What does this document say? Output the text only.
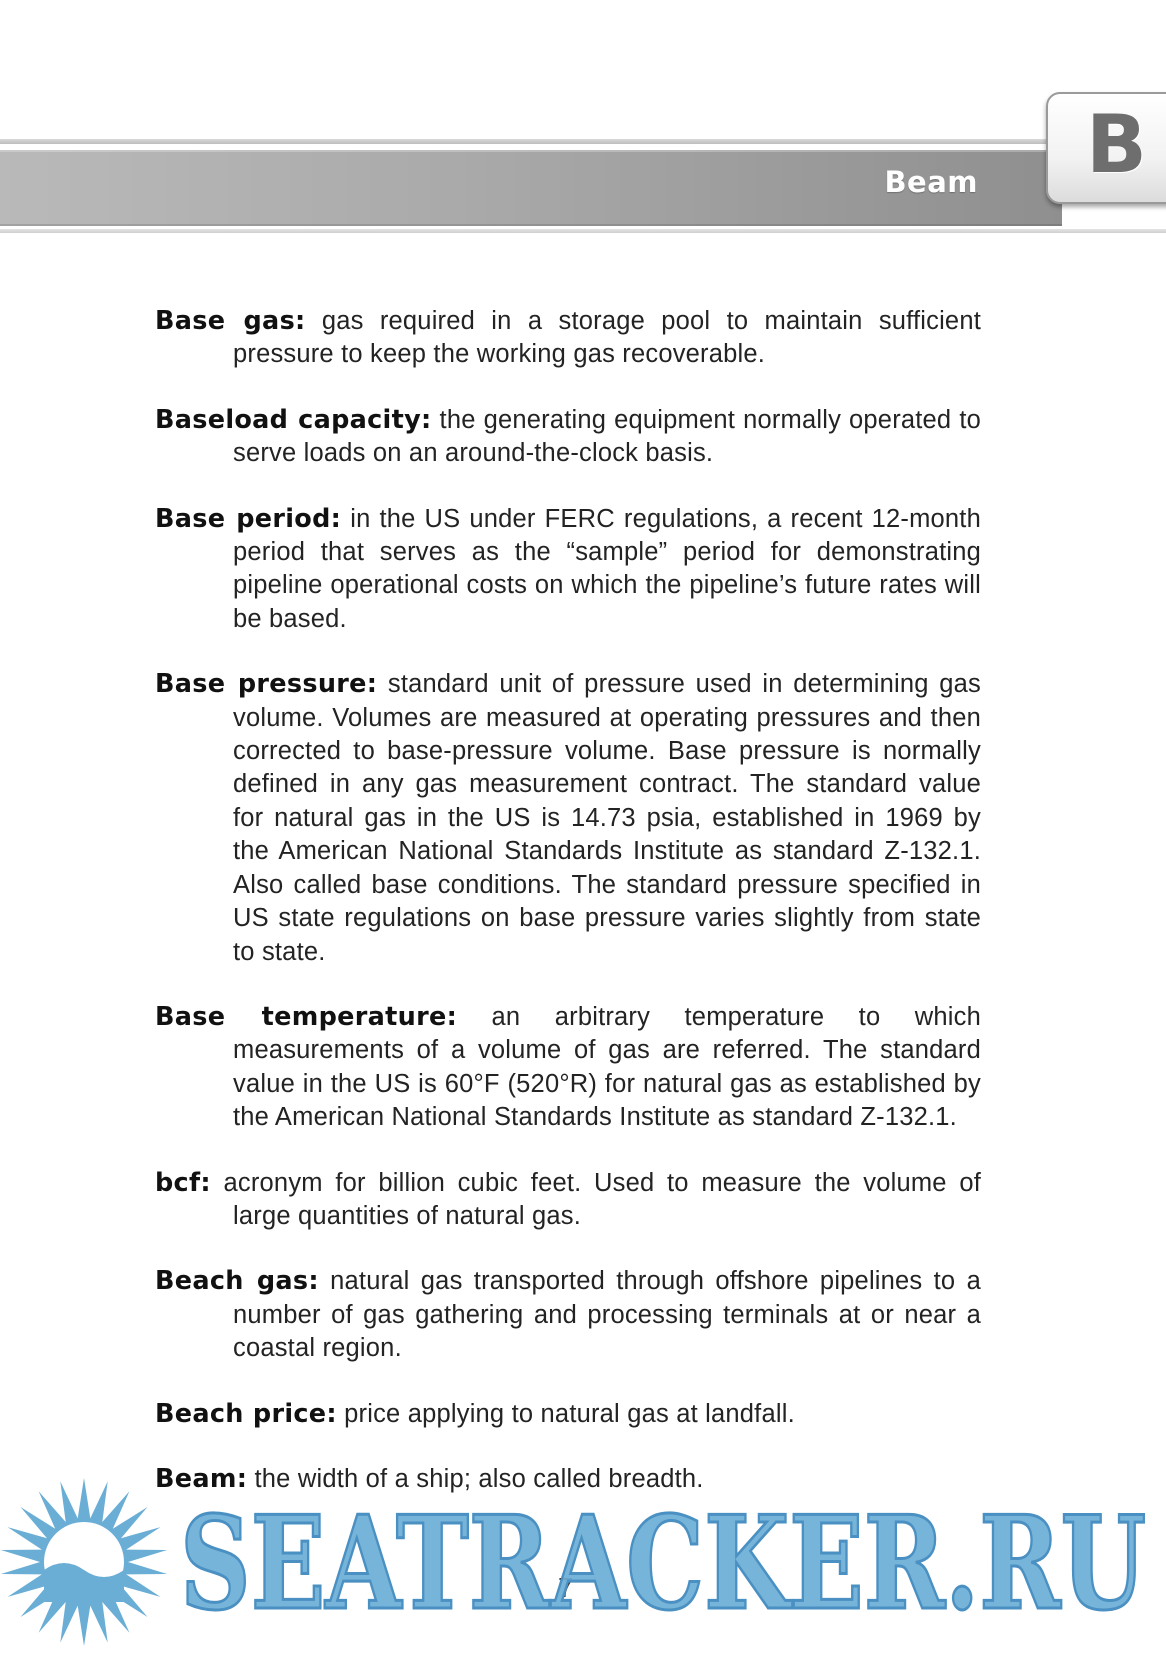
Beam B

Base gas: gas required in a storage pool to maintain sufficient pressure to keep the working gas recoverable.

Baseload capacity: the generating equipment normally operated to serve loads on an around-the-clock basis.

Base period: in the US under FERC regulations, a recent 12-month period that serves as the “sample” period for demonstrating pipeline operational costs on which the pipeline’s future rates will be based.

Base pressure: standard unit of pressure used in determining gas volume. Volumes are measured at operating pressures and then corrected to base-pressure volume. Base pressure is normally defined in any gas measurement contract. The standard value for natural gas in the US is 14.73 psia, established in 1969 by the American National Standards Institute as standard Z-132.1. Also called base conditions. The standard pressure specified in US state regulations on base pressure varies slightly from state to state.

Base temperature: an arbitrary temperature to which measurements of a volume of gas are referred. The standard value in the US is 60°F (520°R) for natural gas as established by the American National Standards Institute as standard Z-132.1.

bcf: acronym for billion cubic feet. Used to measure the volume of large quantities of natural gas.

Beach gas: natural gas transported through offshore pipelines to a number of gas gathering and processing terminals at or near a coastal region.

Beach price: price applying to natural gas at landfall.

Beam: the width of a ship; also called breadth.

7
SEATRACKER.RU
